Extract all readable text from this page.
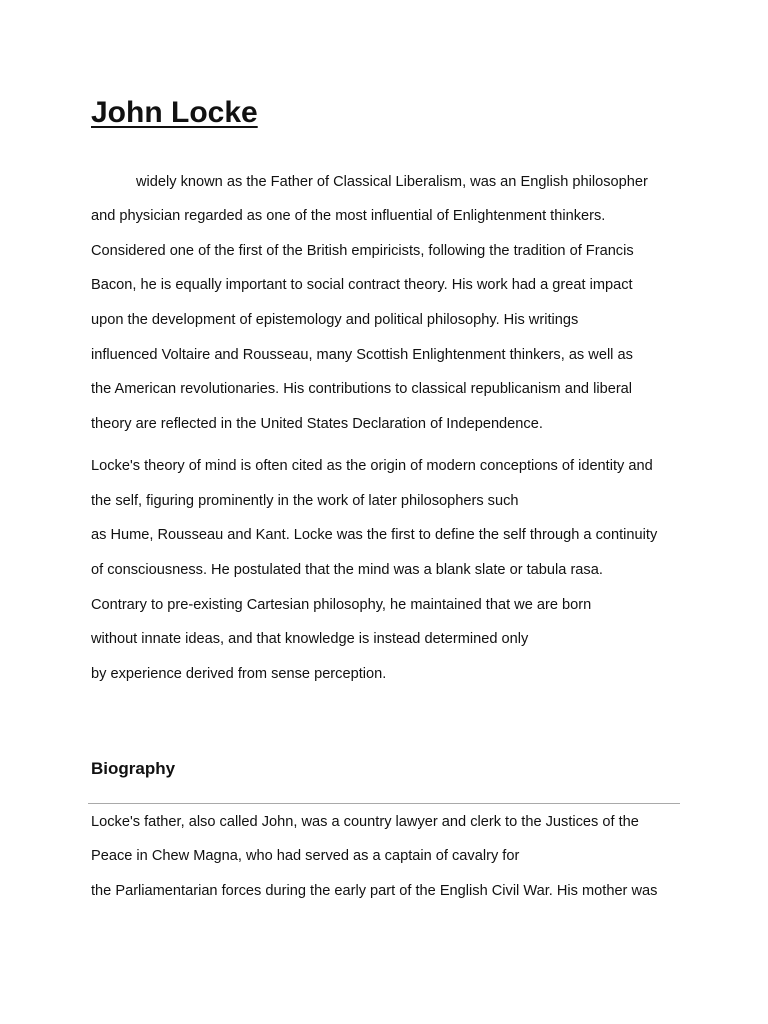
John Locke

widely known as the Father of Classical Liberalism, was an English philosopher

and physician regarded as one of the most influential of Enlightenment thinkers.

Considered one of the first of the British empiricists, following the tradition of Francis

Bacon, he is equally important to social contract theory. His work had a great impact

upon the development of epistemology and political philosophy. His writings

influenced Voltaire and Rousseau, many Scottish Enlightenment thinkers, as well as

the American revolutionaries. His contributions to classical republicanism and liberal

theory are reflected in the United States Declaration of Independence.

Locke's theory of mind is often cited as the origin of modern conceptions of identity and

the self, figuring prominently in the work of later philosophers such

as Hume, Rousseau and Kant. Locke was the first to define the self through a continuity

of consciousness. He postulated that the mind was a blank slate or tabula rasa.

Contrary to pre-existing Cartesian philosophy, he maintained that we are born

without innate ideas, and that knowledge is instead determined only

by experience derived from sense perception.

Biography

Locke's father, also called John, was a country lawyer and clerk to the Justices of the

Peace in Chew Magna, who had served as a captain of cavalry for

the Parliamentarian forces during the early part of the English Civil War. His mother was
